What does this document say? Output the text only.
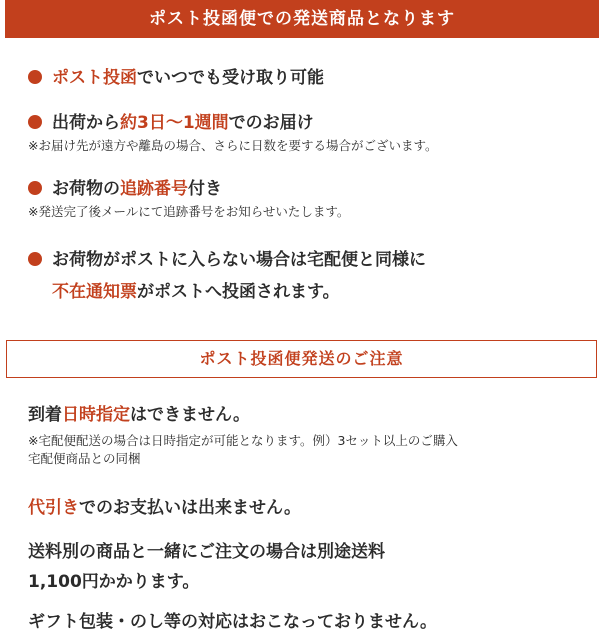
ポスト投函便での発送商品となります
ポスト投函でいつでも受け取り可能
出荷から約3日〜1週間でのお届け
※お届け先が遠方や離島の場合、さらに日数を要する場合がございます。
お荷物の追跡番号付き
※発送完了後メールにて追跡番号をお知らせいたします。
お荷物がポストに入らない場合は宅配便と同様に
不在通知票がポストへ投函されます。
ポスト投函便発送のご注意
到着日時指定はできません。
※宅配便配送の場合は日時指定が可能となります。例）3セット以上のご購入
宅配便商品との同梱
代引きでのお支払いは出来ません。
送料別の商品と一緒にご注文の場合は別途送料
1,100円かかります。
ギフト包装・のし等の対応はおこなっておりません。
